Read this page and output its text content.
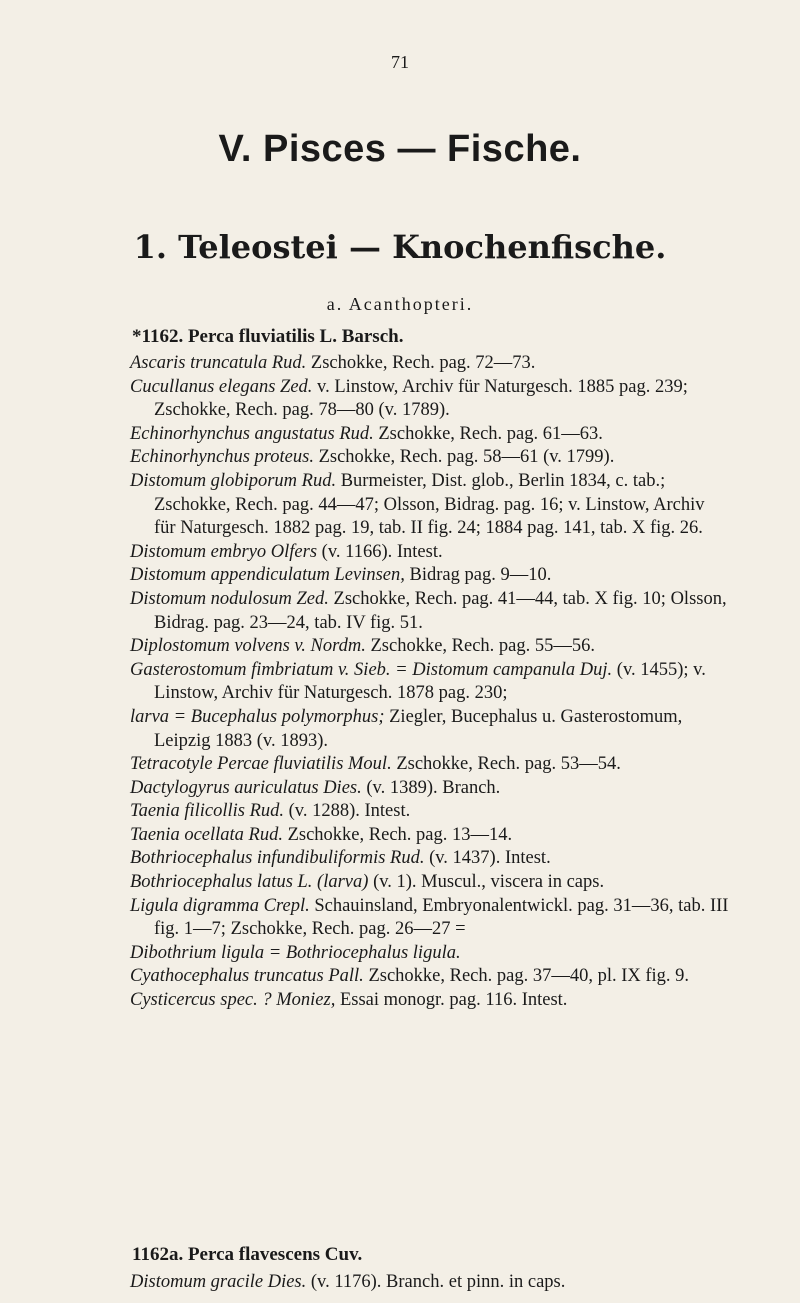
71
V. Pisces — Fische.
1. Teleostei — Knochenfische.
a. Acanthopteri.
*1162. Perca fluviatilis L. Barsch.

Ascaris truncatula Rud. Zschokke, Rech. pag. 72—73.

Cucullanus elegans Zed. v. Linstow, Archiv für Naturgesch. 1885 pag. 239; Zschokke, Rech. pag. 78—80 (v. 1789).

Echinorhynchus angustatus Rud. Zschokke, Rech. pag. 61—63.

Echinorhynchus proteus. Zschokke, Rech. pag. 58—61 (v. 1799).

Distomum globiporum Rud. Burmeister, Dist. glob., Berlin 1834, c. tab.; Zschokke, Rech. pag. 44—47; Olsson, Bidrag. pag. 16; v. Linstow, Archiv für Naturgesch. 1882 pag. 19, tab. II fig. 24; 1884 pag. 141, tab. X fig. 26.

Distomum embryo Olfers (v. 1166). Intest.

Distomum appendiculatum Levinsen, Bidrag pag. 9—10.

Distomum nodulosum Zed. Zschokke, Rech. pag. 41—44, tab. X fig. 10; Olsson, Bidrag. pag. 23—24, tab. IV fig. 51.

Diplostomum volvens v. Nordm. Zschokke, Rech. pag. 55—56.

Gasterostomum fimbriatum v. Sieb. = Distomum campanula Duj. (v. 1455); v. Linstow, Archiv für Naturgesch. 1878 pag. 230;

larva = Bucephalus polymorphus; Ziegler, Bucephalus u. Gasterostomum, Leipzig 1883 (v. 1893).

Tetracotyle Percae fluviatilis Moul. Zschokke, Rech. pag. 53—54.

Dactylogyrus auriculatus Dies. (v. 1389). Branch.

Taenia filicollis Rud. (v. 1288). Intest.

Taenia ocellata Rud. Zschokke, Rech. pag. 13—14.

Bothriocephalus infundibuliformis Rud. (v. 1437). Intest.

Bothriocephalus latus L. (larva) (v. 1). Muscul., viscera in caps.

Ligula digramma Crepl. Schauinsland, Embryonalentwickl. pag. 31—36, tab. III fig. 1—7; Zschokke, Rech. pag. 26—27 =

Dibothrium ligula = Bothriocephalus ligula.

Cyathocephalus truncatus Pall. Zschokke, Rech. pag. 37—40, pl. IX fig. 9.

Cysticercus spec. ? Moniez, Essai monogr. pag. 116. Intest.

1162a. Perca flavescens Cuv.

Distomum gracile Dies. (v. 1176). Branch. et pinn. in caps.
